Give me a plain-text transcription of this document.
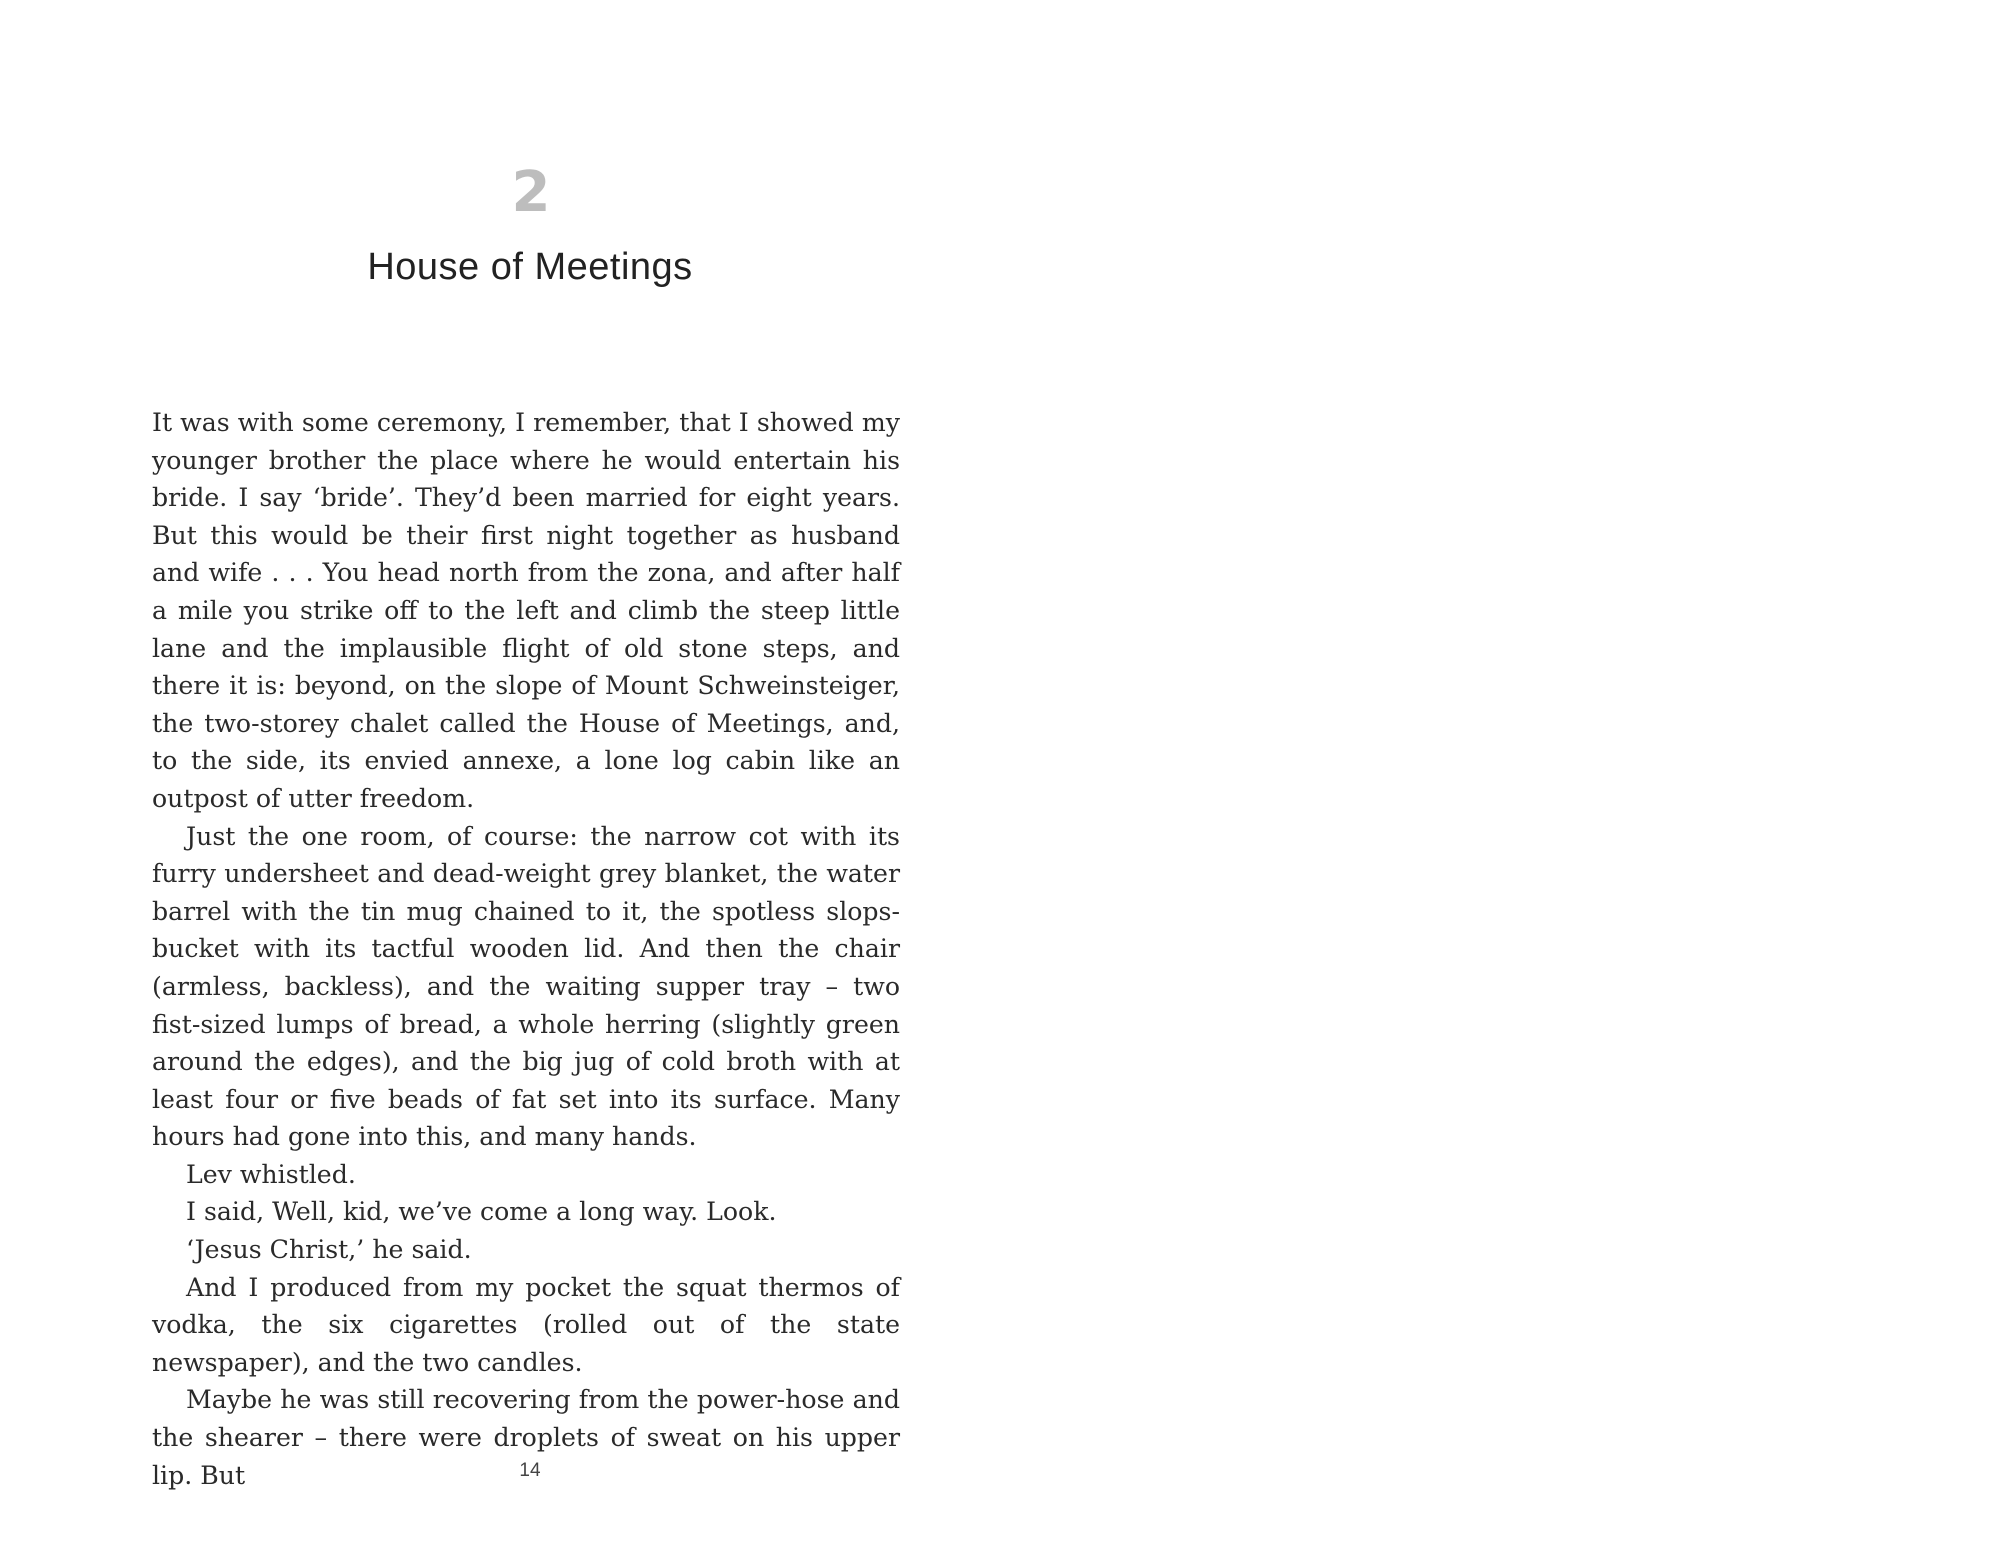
2
House of Meetings

It was with some ceremony, I remember, that I showed my younger brother the place where he would entertain his bride. I say ‘bride’. They’d been married for eight years. But this would be their first night together as husband and wife . . . You head north from the zona, and after half a mile you strike off to the left and climb the steep little lane and the implausible flight of old stone steps, and there it is: beyond, on the slope of Mount Schweinsteiger, the two-storey chalet called the House of Meetings, and, to the side, its envied annexe, a lone log cabin like an outpost of utter freedom.

Just the one room, of course: the narrow cot with its furry undersheet and dead-weight grey blanket, the water barrel with the tin mug chained to it, the spotless slops-bucket with its tactful wooden lid. And then the chair (armless, backless), and the waiting supper tray – two fist-sized lumps of bread, a whole herring (slightly green around the edges), and the big jug of cold broth with at least four or five beads of fat set into its surface. Many hours had gone into this, and many hands.

Lev whistled.

I said, Well, kid, we’ve come a long way. Look.

‘Jesus Christ,’ he said.

And I produced from my pocket the squat thermos of vodka, the six cigarettes (rolled out of the state newspaper), and the two candles.

Maybe he was still recovering from the power-hose and the shearer – there were droplets of sweat on his upper lip. But	14
